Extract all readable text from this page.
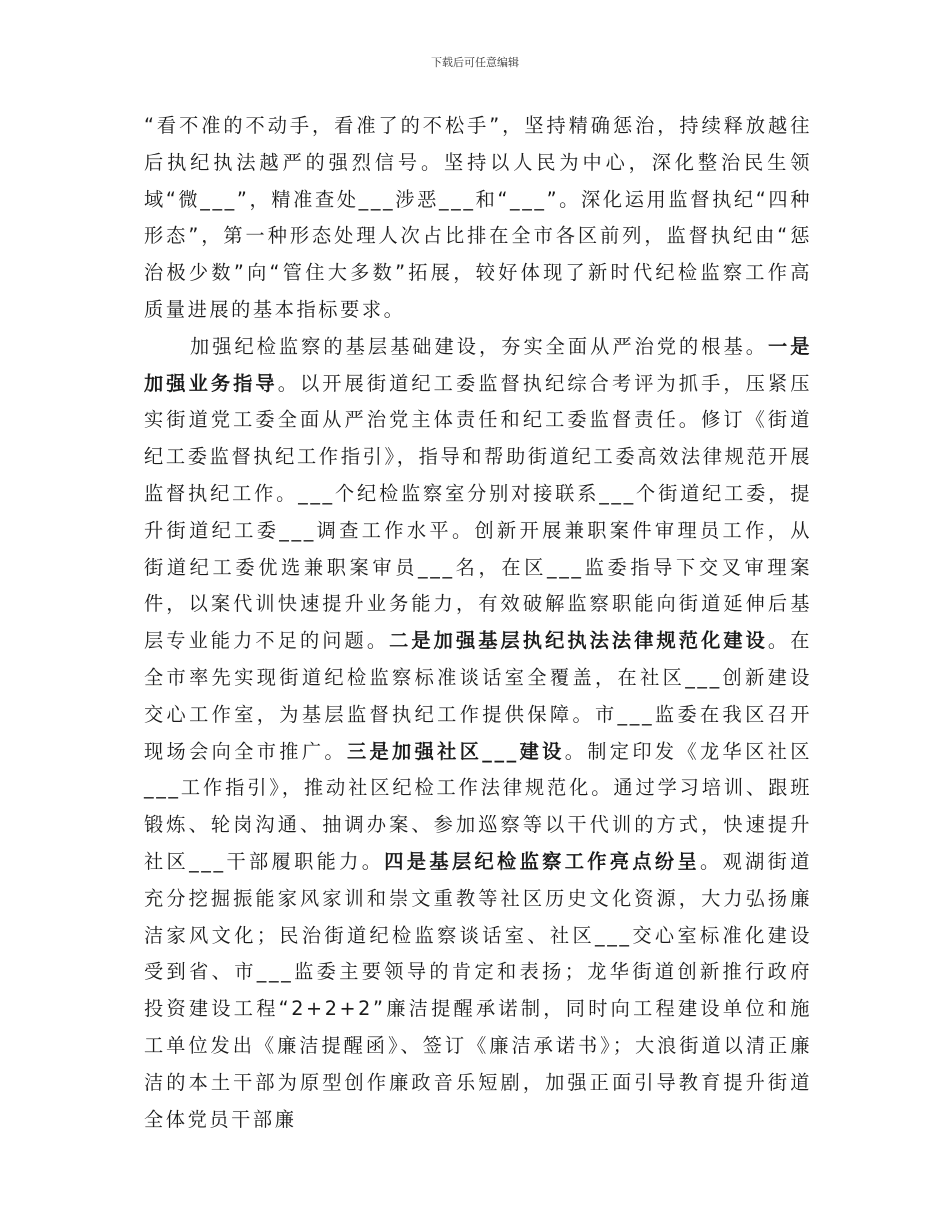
下载后可任意编辑

“看不准的不动手，看准了的不松手”，坚持精确惩治，持续释放越往后执纪执法越严的强烈信号。坚持以人民为中心，深化整治民生领域“微___”，精准查处___涉恶___和“___”。深化运用监督执纪“四种形态”，第一种形态处理人次占比排在全市各区前列，监督执纪由“惩治极少数”向“管住大多数”拓展，较好体现了新时代纪检监察工作高质量进展的基本指标要求。

加强纪检监察的基层基础建设，夯实全面从严治党的根基。一是加强业务指导。以开展街道纪工委监督执纪综合考评为抓手，压紧压实街道党工委全面从严治党主体责任和纪工委监督责任。修订《街道纪工委监督执纪工作指引》，指导和帮助街道纪工委高效法律规范开展监督执纪工作。___个纪检监察室分别对接联系___个街道纪工委，提升街道纪工委___调查工作水平。创新开展兼职案件审理员工作，从街道纪工委优选兼职案审员___名，在区___监委指导下交叉审理案件，以案代训快速提升业务能力，有效破解监察职能向街道延伸后基层专业能力不足的问题。二是加强基层执纪执法法律规范化建设。在全市率先实现街道纪检监察标准谈话室全覆盖，在社区___创新建设交心工作室，为基层监督执纪工作提供保障。市___监委在我区召开现场会向全市推广。三是加强社区___建设。制定印发《龙华区社区___工作指引》，推动社区纪检工作法律规范化。通过学习培训、跟班锻炼、轮岗沟通、抽调办案、参加巡察等以干代训的方式，快速提升社区___干部履职能力。四是基层纪检监察工作亮点纷呈。观湖街道充分挖掘振能家风家训和崇文重教等社区历史文化资源，大力弘扬廉洁家风文化；民治街道纪检监察谈话室、社区___交心室标准化建设受到省、市___监委主要领导的肯定和表扬；龙华街道创新推行政府投资建设工程“2+2+2”廉洁提醒承诺制，同时向工程建设单位和施工单位发出《廉洁提醒函》、签订《廉洁承诺书》；大浪街道以清正廉洁的本土干部为原型创作廉政音乐短剧，加强正面引导教育提升街道全体党员干部廉
